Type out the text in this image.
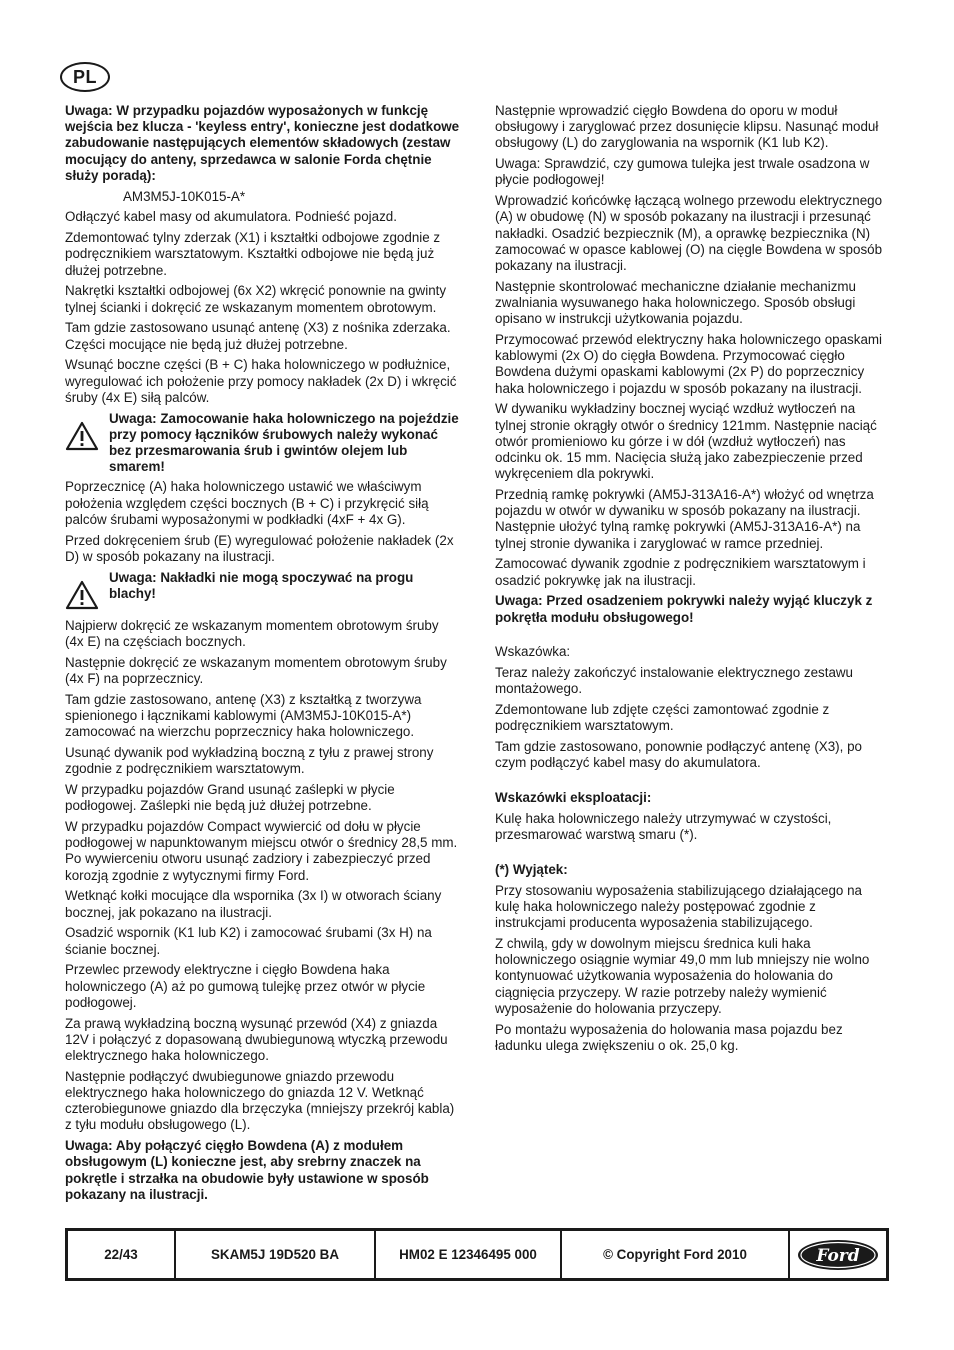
PL

Uwaga: W przypadku pojazdów wyposażonych w funkcję wejścia bez klucza - 'keyless entry', konieczne jest dodatkowe zabudowanie następujących elementów składowych (zestaw mocujący do anteny, sprzedawca w salonie Forda chętnie służy poradą):

AM3M5J-10K015-A*

Odłączyć kabel masy od akumulatora. Podnieść pojazd.

Zdemontować tylny zderzak (X1) i kształtki odbojowe zgodnie z podręcznikiem warsztatowym. Kształtki odbojowe nie będą już dłużej potrzebne.

Nakrętki kształtki odbojowej (6x X2) wkręcić ponownie na gwinty tylnej ścianki i dokręcić ze wskazanym momentem obrotowym.

Tam gdzie zastosowano usunąć antenę (X3) z nośnika zderzaka. Części mocujące nie będą już dłużej potrzebne.

Wsunąć boczne części (B + C) haka holowniczego w podłużnice, wyregulować ich położenie przy pomocy nakładek (2x D) i wkręcić śruby (4x E) siłą palców.

Uwaga: Zamocowanie haka holowniczego na pojeździe przy pomocy łączników śrubowych należy wykonać bez przesmarowania śrub i gwintów olejem lub smarem!

Poprzecznicę (A) haka holowniczego ustawić we właściwym położenia względem części bocznych (B + C) i przykręcić siłą palców śrubami wyposażonymi w podkładki (4xF + 4x G).

Przed dokręceniem śrub (E) wyregulować położenie nakładek (2x D) w sposób pokazany na ilustracji.

Uwaga: Nakładki nie mogą spoczywać na progu blachy!

Najpierw dokręcić ze wskazanym momentem obrotowym śruby (4x E) na częściach bocznych.

Następnie dokręcić ze wskazanym momentem obrotowym śruby (4x F) na poprzecznicy.

Tam gdzie zastosowano, antenę (X3) z kształtką z tworzywa spienionego i łącznikami kablowymi (AM3M5J-10K015-A*) zamocować na wierzchu poprzecznicy haka holowniczego.

Usunąć dywanik pod wykładziną boczną z tyłu z prawej strony zgodnie z podręcznikiem warsztatowym.

W przypadku pojazdów Grand usunąć zaślepki w płycie podłogowej. Zaślepki nie będą już dłużej potrzebne.

W przypadku pojazdów Compact wywiercić od dołu w płycie podłogowej w napunktowanym miejscu otwór o średnicy 28,5 mm. Po wywierceniu otworu usunąć zadziory i zabezpieczyć przed korozją zgodnie z wytycznymi firmy Ford.

Wetknąć kołki mocujące dla wspornika (3x I) w otworach ściany bocznej, jak pokazano na ilustracji.

Osadzić wspornik (K1 lub K2) i zamocować śrubami (3x H) na ścianie bocznej.

Przewlec przewody elektryczne i cięgło Bowdena haka holowniczego (A) aż po gumową tulejkę przez otwór w płycie podłogowej.

Za prawą wykładziną boczną wysunąć przewód (X4) z gniazda 12V i połączyć z dopasowaną dwubiegunową wtyczką przewodu elektrycznego haka holowniczego.

Następnie podłączyć dwubiegunowe gniazdo przewodu elektrycznego haka holowniczego do gniazda 12 V. Wetknąć czterobiegunowe gniazdo dla brzęczyka (mniejszy przekrój kabla) z tyłu modułu obsługowego (L).

Uwaga: Aby połączyć cięgło Bowdena (A) z modułem obsługowym (L) konieczne jest, aby srebrny znaczek na pokrętle i strzałka na obudowie były ustawione w sposób pokazany na ilustracji.

Następnie wprowadzić cięgło Bowdena do oporu w moduł obsługowy i zaryglować przez dosunięcie klipsu. Nasunąć moduł obsługowy (L) do zaryglowania na wspornik (K1 lub K2).

Uwaga: Sprawdzić, czy gumowa tulejka jest trwale osadzona w płycie podłogowej!

Wprowadzić końcówkę łączącą wolnego przewodu elektrycznego (A) w obudowę (N) w sposób pokazany na ilustracji i przesunąć nakładki. Osadzić bezpiecznik (M), a oprawkę bezpiecznika (N) zamocować w opasce kablowej (O) na cięgle Bowdena w sposób pokazany na ilustracji.

Następnie skontrolować mechaniczne działanie mechanizmu zwalniania wysuwanego haka holowniczego. Sposób obsługi opisano w instrukcji użytkowania pojazdu.

Przymocować przewód elektryczny haka holowniczego opaskami kablowymi (2x O) do cięgła Bowdena. Przymocować cięgło Bowdena dużymi opaskami kablowymi (2x P) do poprzecznicy haka holowniczego i pojazdu w sposób pokazany na ilustracji.

W dywaniku wykładziny bocznej wyciąć wzdłuż wytłoczeń na tylnej stronie okrągły otwór o średnicy 121mm. Następnie naciąć otwór promieniowo ku górze i w dół (wzdłuż wytłoczeń) nas odcinku ok. 15 mm. Nacięcia służą jako zabezpieczenie przed wykręceniem dla pokrywki.

Przednią ramkę pokrywki (AM5J-313A16-A*) włożyć od wnętrza pojazdu w otwór w dywaniku w sposób pokazany na ilustracji. Następnie ułożyć tylną ramkę pokrywki (AM5J-313A16-A*) na tylnej stronie dywanika i zaryglować w ramce przedniej.

Zamocować dywanik zgodnie z podręcznikiem warsztatowym i osadzić pokrywkę jak na ilustracji.

Uwaga: Przed osadzeniem pokrywki należy wyjąć kluczyk z pokrętła modułu obsługowego!

Wskazówka:

Teraz należy zakończyć instalowanie elektrycznego zestawu montażowego.

Zdemontowane lub zdjęte części zamontować zgodnie z podręcznikiem warsztatowym.

Tam gdzie zastosowano, ponownie podłączyć antenę (X3), po czym podłączyć kabel masy do akumulatora.

Wskazówki eksploatacji:

Kulę haka holowniczego należy utrzymywać w czystości, przesmarować warstwą smaru (*).

(*) Wyjątek:

Przy stosowaniu wyposażenia stabilizującego działającego na kulę haka holowniczego należy postępować zgodnie z instrukcjami producenta wyposażenia stabilizującego.

Z chwilą, gdy w dowolnym miejscu średnica kuli haka holowniczego osiągnie wymiar 49,0 mm lub mniejszy nie wolno kontynuować użytkowania wyposażenia do holowania do ciągnięcia przyczepy. W razie potrzeby należy wymienić wyposażenie do holowania przyczepy.

Po montażu wyposażenia do holowania masa pojazdu bez ładunku ulega zwiększeniu o ok. 25,0 kg.

22/43	SKAM5J 19D520 BA	HM02 E 12346495 000	© Copyright Ford 2010	Ford
